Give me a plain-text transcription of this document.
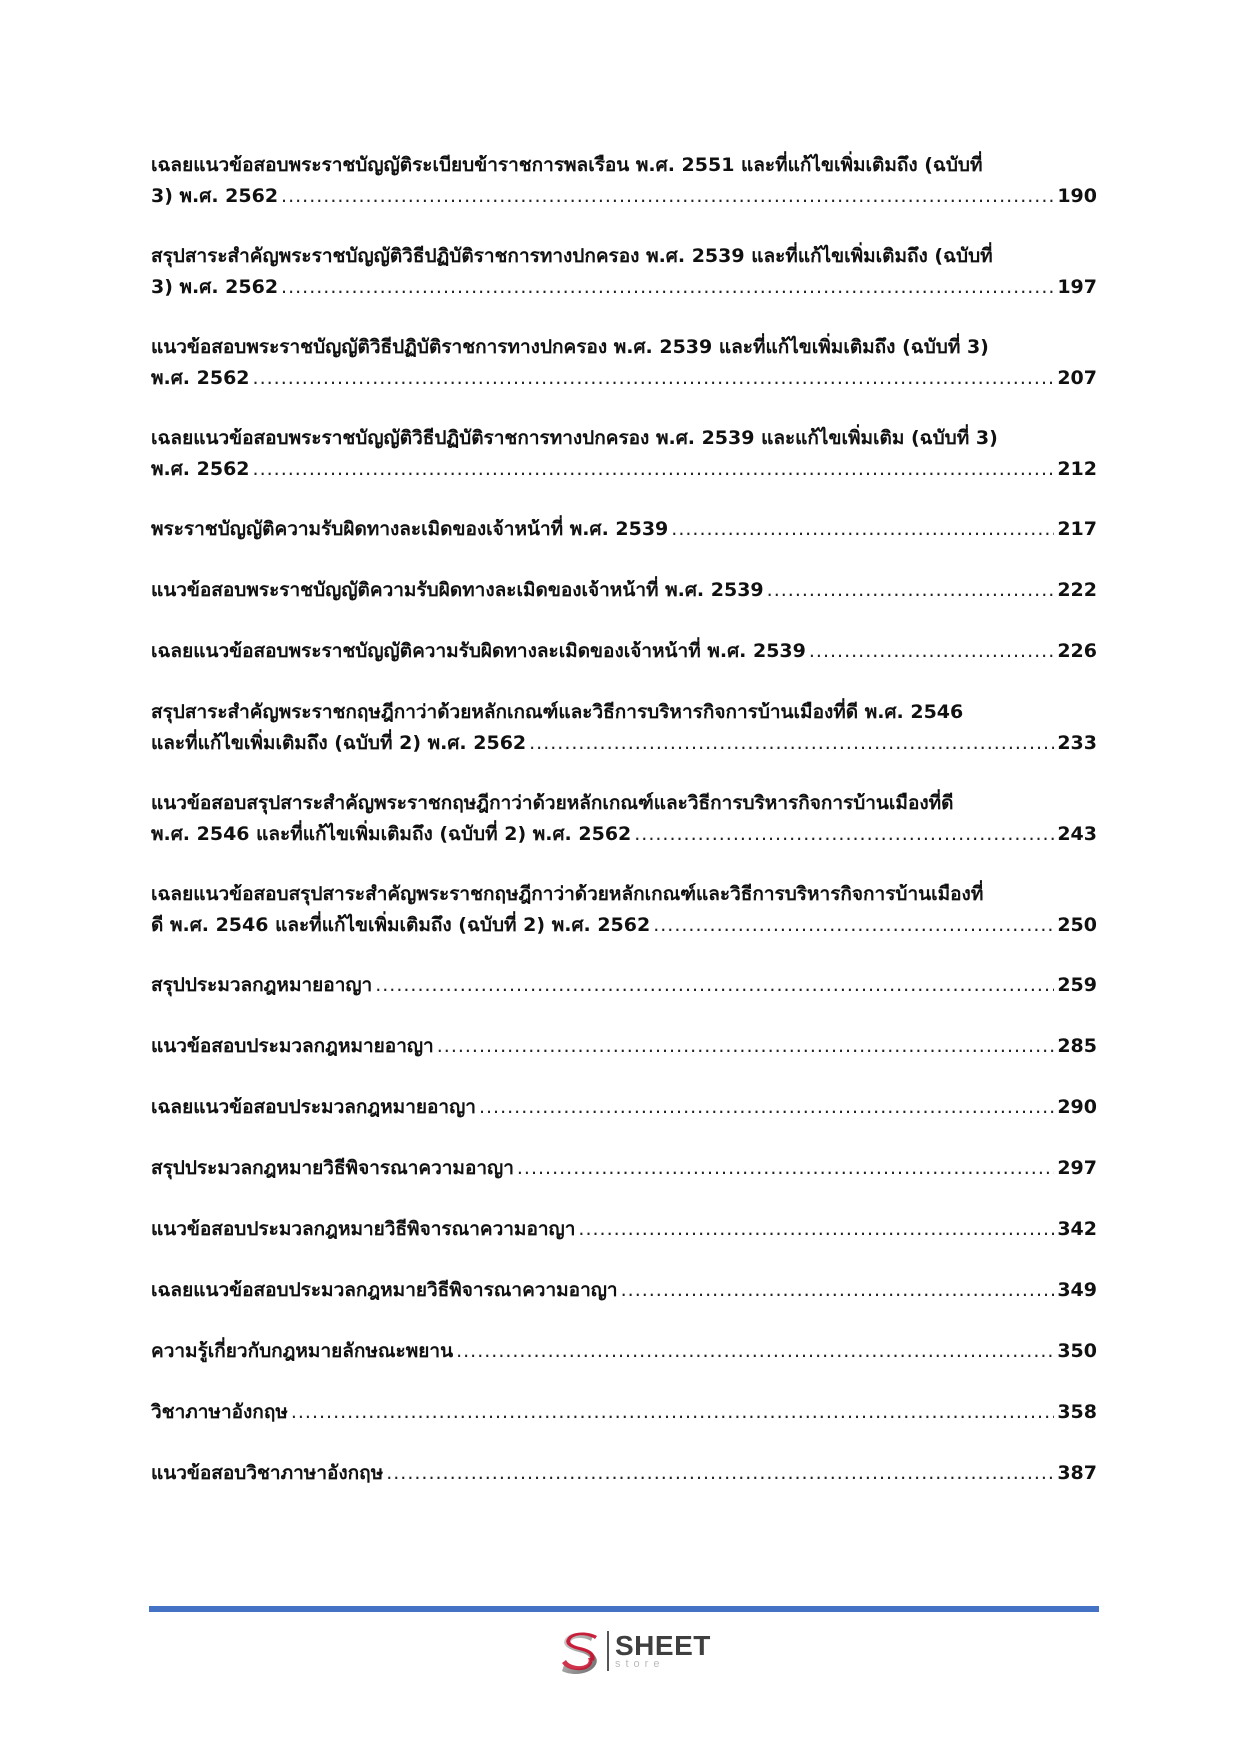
เฉลยแนวข้อสอบพระราชบัญญัติระเบียบข้าราชการพลเรือน พ.ศ. 2551 และที่แก้ไขเพิ่มเติมถึง (ฉบับที่
3) พ.ศ. 2562 .....	190
สรุปสาระสำคัญพระราชบัญญัติวิธีปฏิบัติราชการทางปกครอง พ.ศ. 2539 และที่แก้ไขเพิ่มเติมถึง (ฉบับที่
3) พ.ศ. 2562 .....	197
แนวข้อสอบพระราชบัญญัติวิธีปฏิบัติราชการทางปกครอง พ.ศ. 2539 และที่แก้ไขเพิ่มเติมถึง (ฉบับที่ 3)
พ.ศ. 2562 .....	207
เฉลยแนวข้อสอบพระราชบัญญัติวิธีปฏิบัติราชการทางปกครอง พ.ศ. 2539 และแก้ไขเพิ่มเติม (ฉบับที่ 3)
พ.ศ. 2562 .....	212
พระราชบัญญัติความรับผิดทางละเมิดของเจ้าหน้าที่ พ.ศ. 2539 .....	217
แนวข้อสอบพระราชบัญญัติความรับผิดทางละเมิดของเจ้าหน้าที่ พ.ศ. 2539 .....	222
เฉลยแนวข้อสอบพระราชบัญญัติความรับผิดทางละเมิดของเจ้าหน้าที่ พ.ศ. 2539 .....	226
สรุปสาระสำคัญพระราชกฤษฎีกาว่าด้วยหลักเกณฑ์และวิธีการบริหารกิจการบ้านเมืองที่ดี พ.ศ. 2546
และที่แก้ไขเพิ่มเติมถึง (ฉบับที่ 2) พ.ศ. 2562 .....	233
แนวข้อสอบสรุปสาระสำคัญพระราชกฤษฎีกาว่าด้วยหลักเกณฑ์และวิธีการบริหารกิจการบ้านเมืองที่ดี
พ.ศ. 2546 และที่แก้ไขเพิ่มเติมถึง (ฉบับที่ 2) พ.ศ. 2562 .....	243
เฉลยแนวข้อสอบสรุปสาระสำคัญพระราชกฤษฎีกาว่าด้วยหลักเกณฑ์และวิธีการบริหารกิจการบ้านเมืองที่
ดี พ.ศ. 2546 และที่แก้ไขเพิ่มเติมถึง (ฉบับที่ 2) พ.ศ. 2562 .....	250
สรุปประมวลกฎหมายอาญา .....	259
แนวข้อสอบประมวลกฎหมายอาญา .....	285
เฉลยแนวข้อสอบประมวลกฎหมายอาญา .....	290
สรุปประมวลกฎหมายวิธีพิจารณาความอาญา .....	297
แนวข้อสอบประมวลกฎหมายวิธีพิจารณาความอาญา .....	342
เฉลยแนวข้อสอบประมวลกฎหมายวิธีพิจารณาความอาญา .....	349
ความรู้เกี่ยวกับกฎหมายลักษณะพยาน .....	350
วิชาภาษาอังกฤษ .....	358
แนวข้อสอบวิชาภาษาอังกฤษ .....	387
SHEET
store
